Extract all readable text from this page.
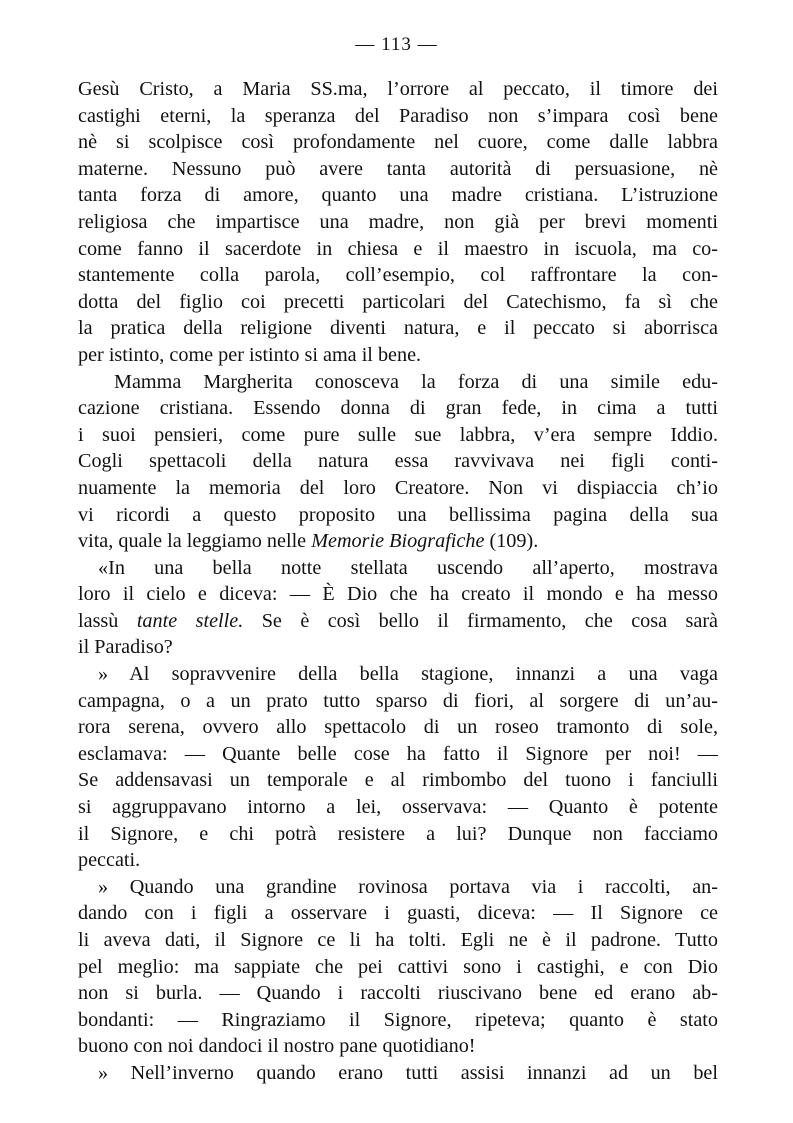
— 113 —
Gesù Cristo, a Maria SS.ma, l’orrore al peccato, il timore dei
castighi eterni, la speranza del Paradiso non s’impara così bene
nè si scolpisce così profondamente nel cuore, come dalle labbra
materne. Nessuno può avere tanta autorità di persuasione, nè
tanta forza di amore, quanto una madre cristiana. L’istruzione
religiosa che impartisce una madre, non già per brevi momenti
come fanno il sacerdote in chiesa e il maestro in iscuola, ma co-
stantemente colla parola, coll’esempio, col raffrontare la con-
dotta del figlio coi precetti particolari del Catechismo, fa sì che
la pratica della religione diventi natura, e il peccato si aborrisca
per istinto, come per istinto si ama il bene.
Mamma Margherita conosceva la forza di una simile edu-
cazione cristiana. Essendo donna di gran fede, in cima a tutti
i suoi pensieri, come pure sulle sue labbra, v’era sempre Iddio.
Cogli spettacoli della natura essa ravvivava nei figli conti-
nuamente la memoria del loro Creatore. Non vi dispiaccia ch’io
vi ricordi a questo proposito una bellissima pagina della sua
vita, quale la leggiamo nelle Memorie Biografiche (109).
«In una bella notte stellata uscendo all’aperto, mostrava
loro il cielo e diceva: — È Dio che ha creato il mondo e ha messo
lassù tante stelle. Se è così bello il firmamento, che cosa sarà
il Paradiso?
» Al sopravvenire della bella stagione, innanzi a una vaga
campagna, o a un prato tutto sparso di fiori, al sorgere di un’au-
rora serena, ovvero allo spettacolo di un roseo tramonto di sole,
esclamava: — Quante belle cose ha fatto il Signore per noi! —
Se addensavasi un temporale e al rimbombo del tuono i fanciulli
si aggruppavano intorno a lei, osservava: — Quanto è potente
il Signore, e chi potrà resistere a lui? Dunque non facciamo
peccati.
» Quando una grandine rovinosa portava via i raccolti, an-
dando con i figli a osservare i guasti, diceva: — Il Signore ce
li aveva dati, il Signore ce li ha tolti. Egli ne è il padrone. Tutto
pel meglio: ma sappiate che pei cattivi sono i castighi, e con Dio
non si burla. — Quando i raccolti riuscivano bene ed erano ab-
bondanti: — Ringraziamo il Signore, ripeteva; quanto è stato
buono con noi dandoci il nostro pane quotidiano!
» Nell’inverno quando erano tutti assisi innanzi ad un bel
